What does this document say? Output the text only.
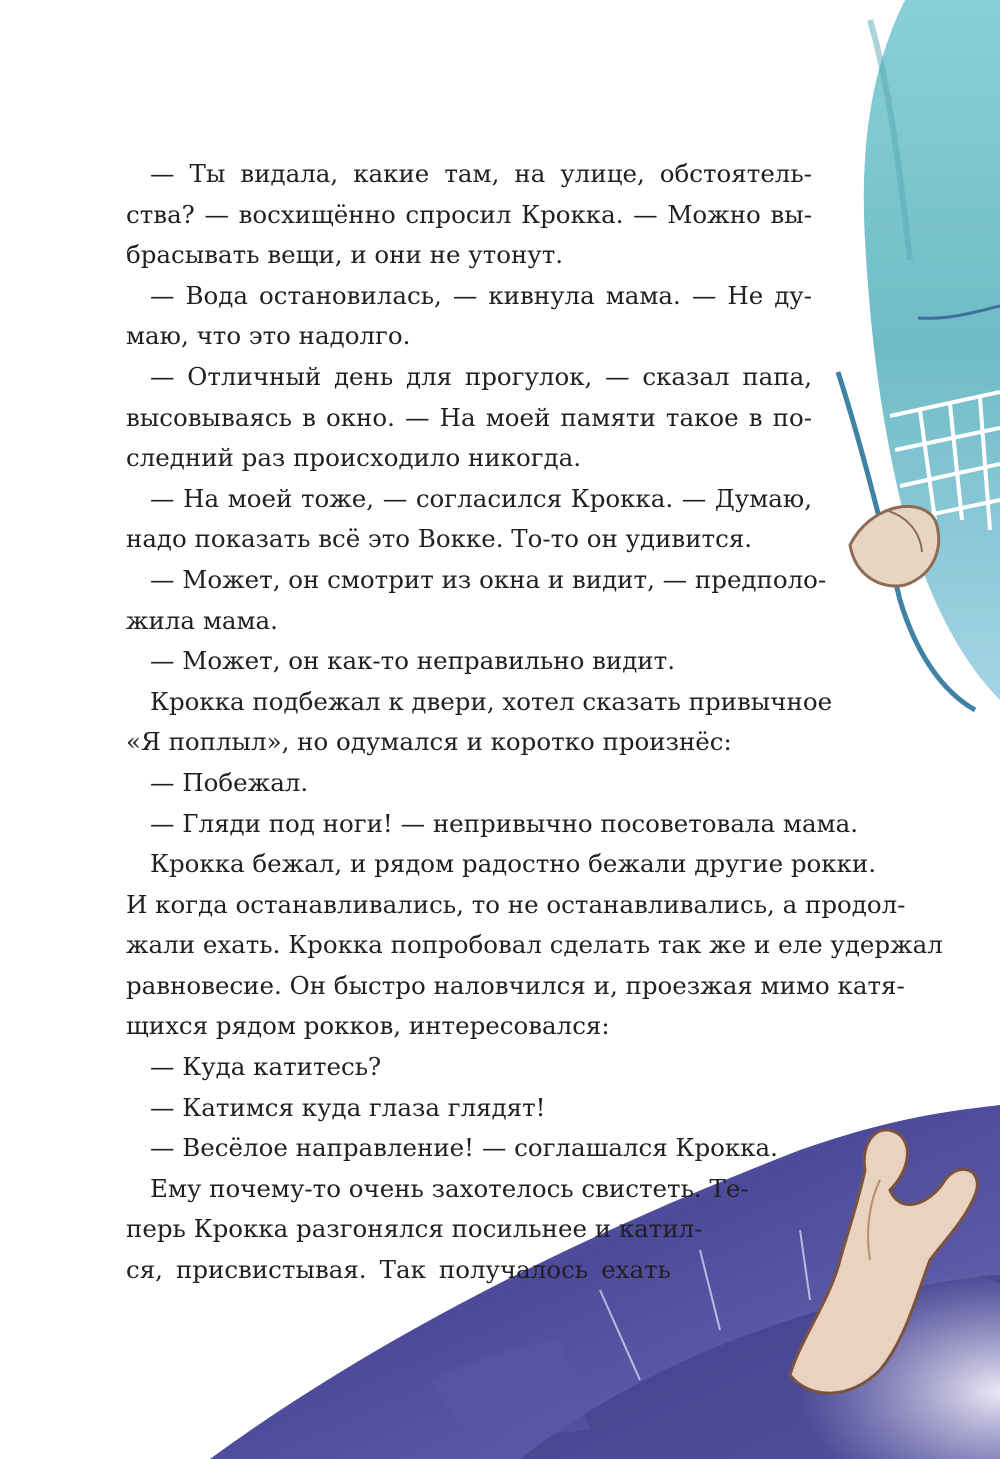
— Ты видала, какие там, на улице, обстоятель-
ства? — восхищённо спросил Крокка. — Можно вы-
брасывать вещи, и они не утонут.
— Вода остановилась, — кивнула мама. — Не ду-
маю, что это надолго.
— Отличный день для прогулок, — сказал папа,
высовываясь в окно. — На моей памяти такое в по-
следний раз происходило никогда.
— На моей тоже, — согласился Крокка. — Думаю,
надо показать всё это Вокке. То-то он удивится.
— Может, он смотрит из окна и видит, — предполо-
жила мама.
— Может, он как-то неправильно видит.
Крокка подбежал к двери, хотел сказать привычное
«Я поплыл», но одумался и коротко произнёс:
— Побежал.
— Гляди под ноги! — непривычно посоветовала мама.
Крокка бежал, и рядом радостно бежали другие рокки.
И когда останавливались, то не останавливались, а продол-
жали ехать. Крокка попробовал сделать так же и еле удержал
равновесие. Он быстро наловчился и, проезжая мимо катя-
щихся рядом рокков, интересовался:
— Куда катитесь?
— Катимся куда глаза глядят!
— Весёлое направление! — соглашался Крокка.
Ему почему-то очень захотелось свистеть. Те-
перь Крокка разгонялся посильнее и катил-
ся, присвистывая. Так получалось ехать
